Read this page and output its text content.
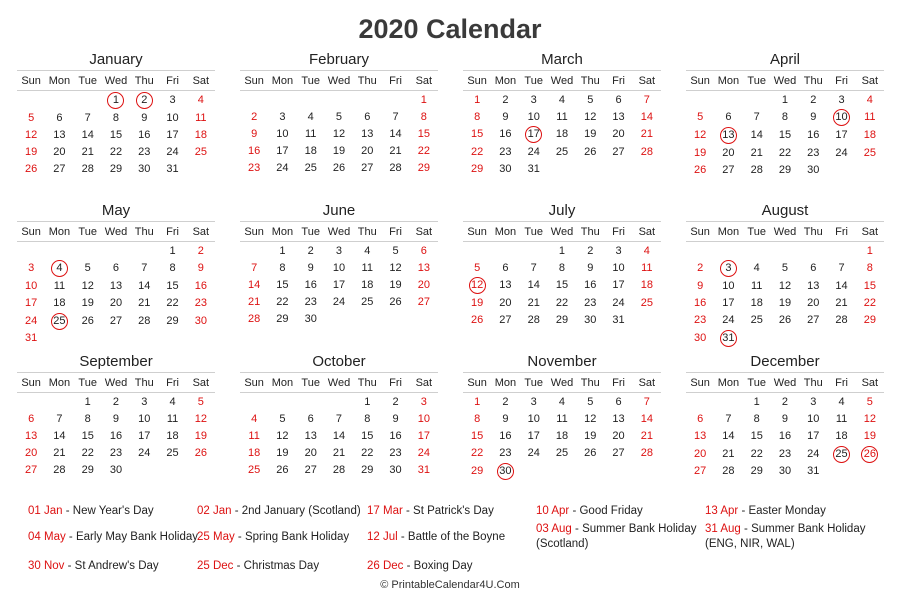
2020 Calendar
January
Sun	Mon	Tue	Wed	Thu	Fri	Sat
			1	2	3	4
5	6	7	8	9	10	11
12	13	14	15	16	17	18
19	20	21	22	23	24	25
26	27	28	29	30	31	
February
Sun	Mon	Tue	Wed	Thu	Fri	Sat
						1
2	3	4	5	6	7	8
9	10	11	12	13	14	15
16	17	18	19	20	21	22
23	24	25	26	27	28	29
March
Sun	Mon	Tue	Wed	Thu	Fri	Sat
1	2	3	4	5	6	7
8	9	10	11	12	13	14
15	16	17	18	19	20	21
22	23	24	25	26	27	28
29	30	31				
April
Sun	Mon	Tue	Wed	Thu	Fri	Sat
			1	2	3	4
5	6	7	8	9	10	11
12	13	14	15	16	17	18
19	20	21	22	23	24	25
26	27	28	29	30		
May
Sun	Mon	Tue	Wed	Thu	Fri	Sat
					1	2
3	4	5	6	7	8	9
10	11	12	13	14	15	16
17	18	19	20	21	22	23
24	25	26	27	28	29	30
31						
June
Sun	Mon	Tue	Wed	Thu	Fri	Sat
	1	2	3	4	5	6
7	8	9	10	11	12	13
14	15	16	17	18	19	20
21	22	23	24	25	26	27
28	29	30				
July
Sun	Mon	Tue	Wed	Thu	Fri	Sat
			1	2	3	4
5	6	7	8	9	10	11
12	13	14	15	16	17	18
19	20	21	22	23	24	25
26	27	28	29	30	31	
August
Sun	Mon	Tue	Wed	Thu	Fri	Sat
						1
2	3	4	5	6	7	8
9	10	11	12	13	14	15
16	17	18	19	20	21	22
23	24	25	26	27	28	29
30	31					
September
Sun	Mon	Tue	Wed	Thu	Fri	Sat
		1	2	3	4	5
6	7	8	9	10	11	12
13	14	15	16	17	18	19
20	21	22	23	24	25	26
27	28	29	30			
October
Sun	Mon	Tue	Wed	Thu	Fri	Sat
				1	2	3
4	5	6	7	8	9	10
11	12	13	14	15	16	17
18	19	20	21	22	23	24
25	26	27	28	29	30	31
November
Sun	Mon	Tue	Wed	Thu	Fri	Sat
1	2	3	4	5	6	7
8	9	10	11	12	13	14
15	16	17	18	19	20	21
22	23	24	25	26	27	28
29	30					
December
Sun	Mon	Tue	Wed	Thu	Fri	Sat
		1	2	3	4	5
6	7	8	9	10	11	12
13	14	15	16	17	18	19
20	21	22	23	24	25	26
27	28	29	30	31		
01 Jan - New Year's Day
04 May - Early May Bank Holiday
30 Nov - St Andrew's Day
02 Jan - 2nd January (Scotland)
25 May - Spring Bank Holiday
25 Dec - Christmas Day
17 Mar - St Patrick's Day
12 Jul - Battle of the Boyne
26 Dec - Boxing Day
10 Apr - Good Friday
03 Aug - Summer Bank Holiday (Scotland)
13 Apr - Easter Monday
31 Aug - Summer Bank Holiday (ENG, NIR, WAL)
© PrintableCalendar4U.Com
